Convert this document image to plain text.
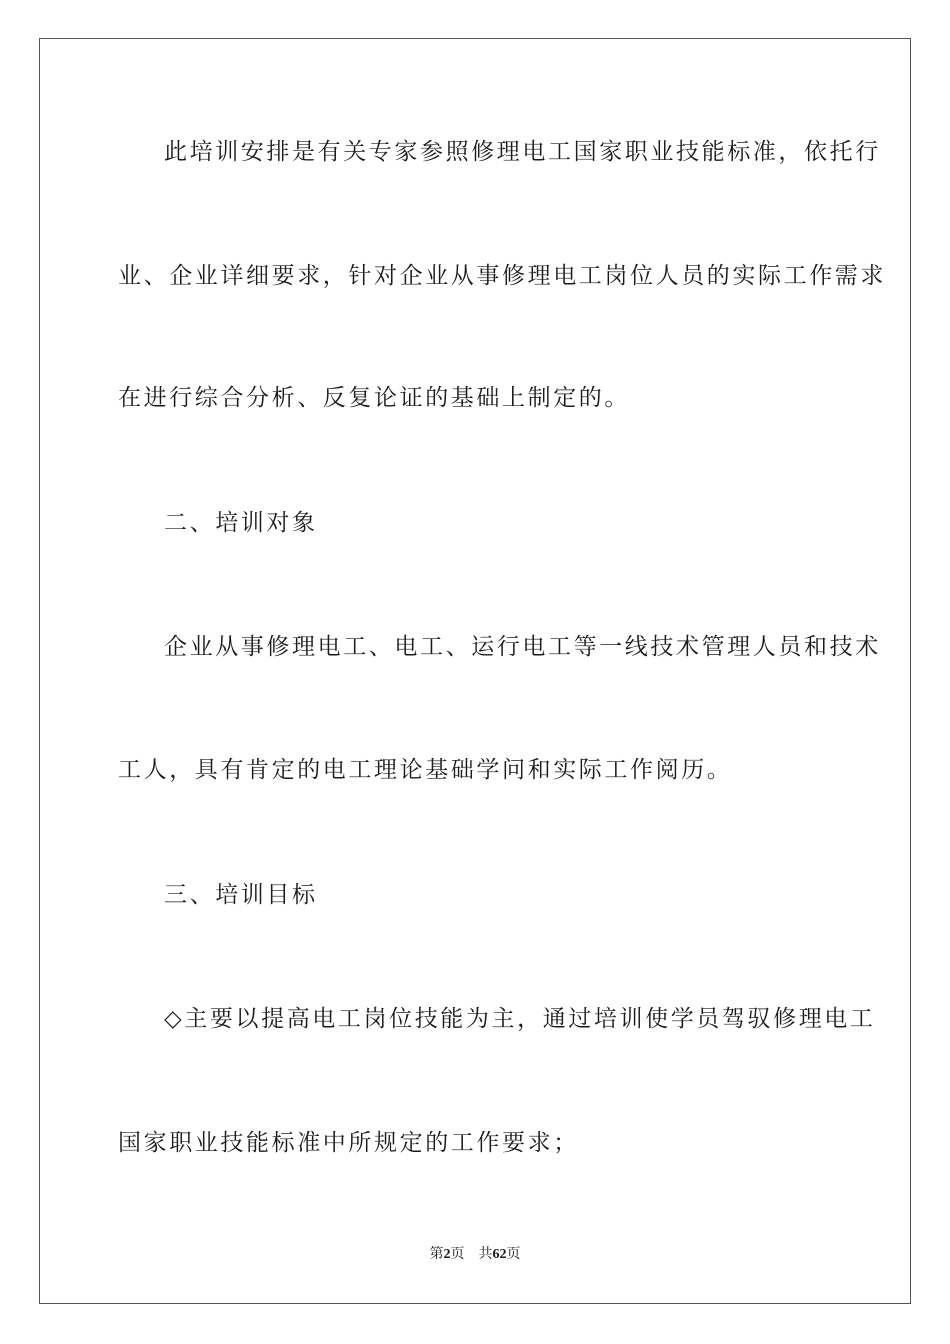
此培训安排是有关专家参照修理电工国家职业技能标准，依托行
业、企业详细要求，针对企业从事修理电工岗位人员的实际工作需求
在进行综合分析、反复论证的基础上制定的。
二、培训对象
企业从事修理电工、电工、运行电工等一线技术管理人员和技术
工人，具有肯定的电工理论基础学问和实际工作阅历。
三、培训目标
◇主要以提高电工岗位技能为主，通过培训使学员驾驭修理电工
国家职业技能标准中所规定的工作要求；
第2页 共62页
